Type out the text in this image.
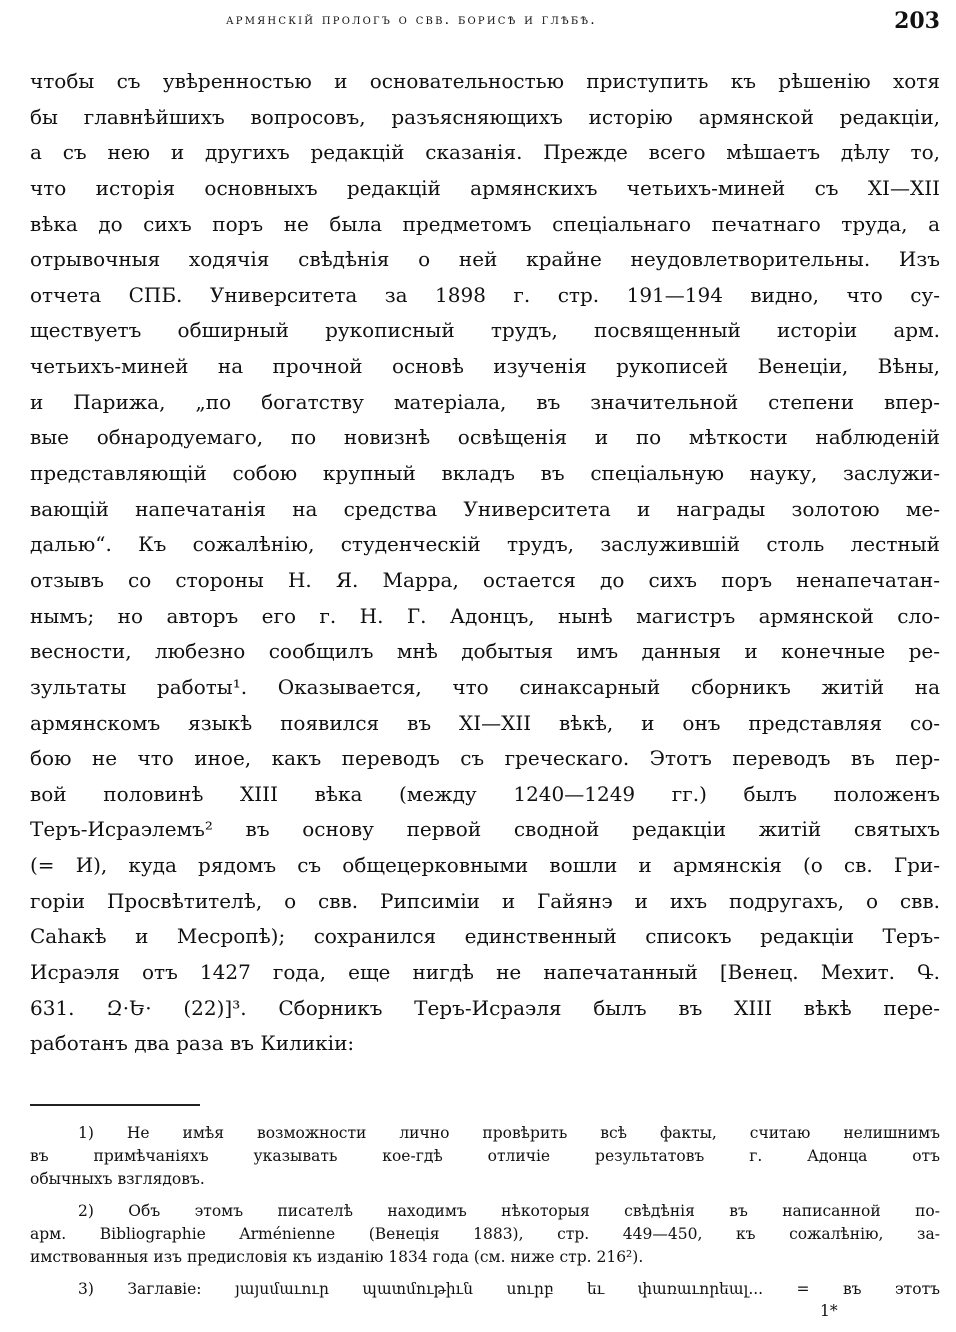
армянскій прологъ о свв. борисѣ и глѣбѣ.	203
чтобы съ увѣренностью и основательностью приступить къ рѣшенію хотя
бы главнѣйшихъ вопросовъ, разъясняющихъ исторію армянской редакціи,
а съ нею и другихъ редакцій сказанія. Прежде всего мѣшаетъ дѣлу то,
что исторія основныхъ редакцій армянскихъ четьихъ-миней съ XI—XII
вѣка до сихъ поръ не была предметомъ спеціальнаго печатнаго труда, а
отрывочныя ходячія свѣдѣнія о ней крайне неудовлетворительны. Изъ
отчета СПБ. Университета за 1898 г. стр. 191—194 видно, что су-
ществуетъ обширный рукописный трудъ, посвященный исторіи арм.
четьихъ-миней на прочной основѣ изученія рукописей Венеціи, Вѣны,
и Парижа, „по богатству матеріала, въ значительной степени впер-
вые обнародуемаго, по новизнѣ освѣщенія и по мѣткости наблюденій
представляющій собою крупный вкладъ въ спеціальную науку, заслужи-
вающій напечатанія на средства Университета и награды золотою ме-
далью“. Къ сожалѣнію, студенческій трудъ, заслужившій столь лестный
отзывъ со стороны Н. Я. Марра, остается до сихъ поръ ненапечатан-
нымъ; но авторъ его г. Н. Г. Адонцъ, нынѣ магистръ армянской сло-
весности, любезно сообщилъ мнѣ добытыя имъ данныя и конечные ре-
зультаты работы¹. Оказывается, что синаксарный сборникъ житій на
армянскомъ языкѣ появился въ XI—XII вѣкѣ, и онъ представляя со-
бою не что иное, какъ переводъ съ греческаго. Этотъ переводъ въ пер-
вой половинѣ XIII вѣка (между 1240—1249 гг.) былъ положенъ
Теръ-Исраэлемъ² въ основу первой сводной редакціи житій святыхъ
(= И), куда рядомъ съ общецерковными вошли и армянскія (о св. Гри-
горіи Просвѣтителѣ, о свв. Рипсиміи и Гайянэ и ихъ подругахъ, о свв.
Саhакѣ и Месропѣ); сохранился единственный списокъ редакціи Теръ-
Исраэля отъ 1427 года, еще нигдѣ не напечатанный [Венец. Мехит. Գ.
631. Զ·Ե· (22)]³. Сборникъ Теръ-Исраэля былъ въ XIII вѣкѣ пере-
работанъ два раза въ Киликіи:
1) Не имѣя возможности лично провѣрить всѣ факты, считаю нелишнимъ
въ примѣчаніяхъ указывать кое-гдѣ отличіе результатовъ г. Адонца отъ
обычныхъ взглядовъ.
2) Объ этомъ писателѣ находимъ нѣкоторыя свѣдѣнія въ написанной по-
арм. Bibliographie Arménienne (Венеція 1883), стр. 449—450, къ сожалѣнію, за-
имствованныя изъ предисловія къ изданію 1834 года (см. ниже стр. 216²).
3) Заглавіе: յայսմաւուր պատմութիւն սուրբ եւ փառաւորեալ... = въ этотъ
1*
